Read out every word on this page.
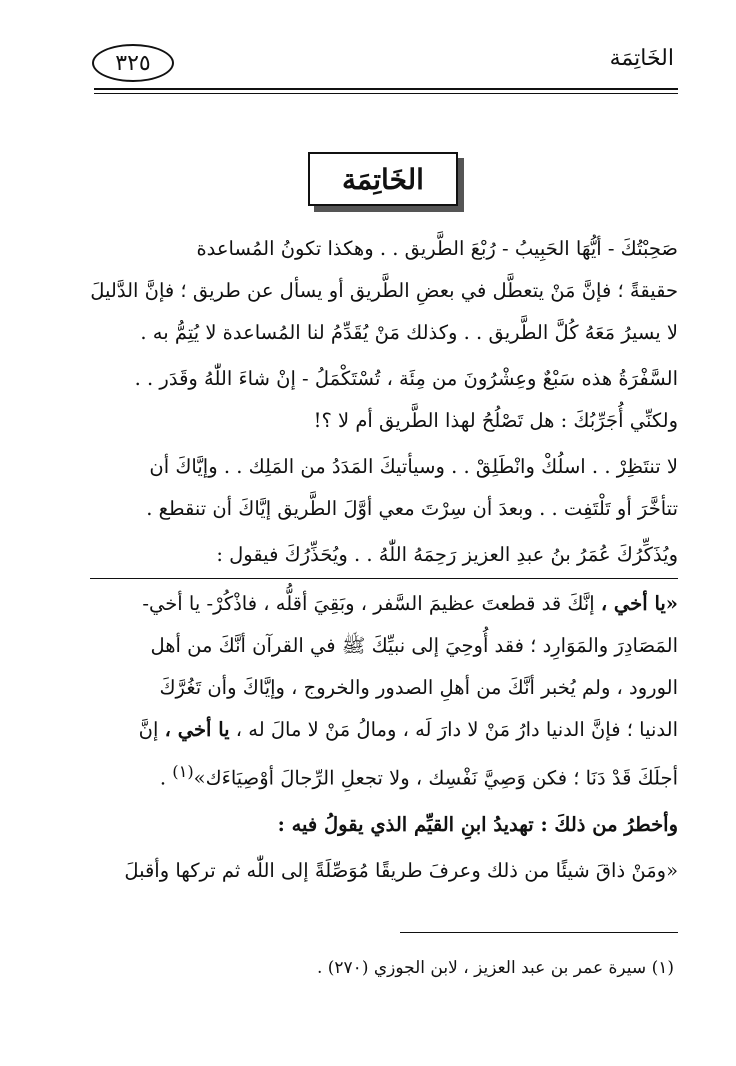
الخَاتِمَة
٣٢٥
الخَاتِمَة

صَحِبْتُكَ - أيُّهَا الحَبِيبُ - رُبْعَ الطَّريق . . وهكذا تكونُ المُساعدة

حقيقةً ؛ فإنَّ مَنْ يتعطَّل في بعضِ الطَّريق أو يسأل عن طريق ؛ فإنَّ الدَّليلَ

لا يسيرُ مَعَهُ كُلَّ الطَّريق . . وكذلك مَنْ يُقَدِّمُ لنا المُساعدة لا يُتِمُّ به .

السَّفْرَةُ هذه سَبْعٌ وعِشْرُونَ من مِئَة ، تُسْتَكْمَلُ - إنْ شاءَ اللّٰهُ وقَدَر . .

ولكنِّي أُجَرِّبُكَ : هل تَصْلُحُ لهذا الطَّريق أم لا ؟!

لا تنتَظِرْ . . اسلُكْ وانْطَلِقْ . . وسيأتيكَ المَدَدُ من المَلِك . . وإيَّاكَ أن

تتأخَّرَ أو تَلْتَفِت . . وبعدَ أن سِرْتَ معي أوَّلَ الطَّريق إيَّاكَ أن تنقطع .

ويُذَكِّرُكَ عُمَرُ بنُ عبدِ العزيز رَحِمَهُ اللّٰهُ . . ويُحَذِّرُكَ فيقول :

«يا أخي ، إنَّكَ قد قطعتَ عظيمَ السَّفر ، وبَقِيَ أقلُّه ، فاذْكُرْ- يا أخي-

المَصَادِرَ والمَوَارِد ؛ فقد أُوحِيَ إلى نبيِّكَ ﷺ في القرآن أنَّكَ من أهل

الورود ، ولم يُخبر أنَّكَ من أهلِ الصدور والخروج ، وإيَّاكَ وأن تَغُرَّكَ

الدنيا ؛ فإنَّ الدنيا دارُ مَنْ لا دارَ لَه ، ومالُ مَنْ لا مالَ له ، يا أخي ، إنَّ

أجلَكَ قَدْ دَنَا ؛ فكن وَصِيَّ نَفْسِك ، ولا تجعلِ الرِّجالَ أوْصِيَاءَك»$^{(١)}$ .

وأخطرُ من ذلكَ : تهديدُ ابنِ القيِّم الذي يقولُ فيه :

«ومَنْ ذاقَ شيئًا من ذلك وعرفَ طريقًا مُوَصِّلَةً إلى اللّٰه ثم تركها وأقبلَ

(١) سيرة عمر بن عبد العزيز ، لابن الجوزي (٢٧٠) .
